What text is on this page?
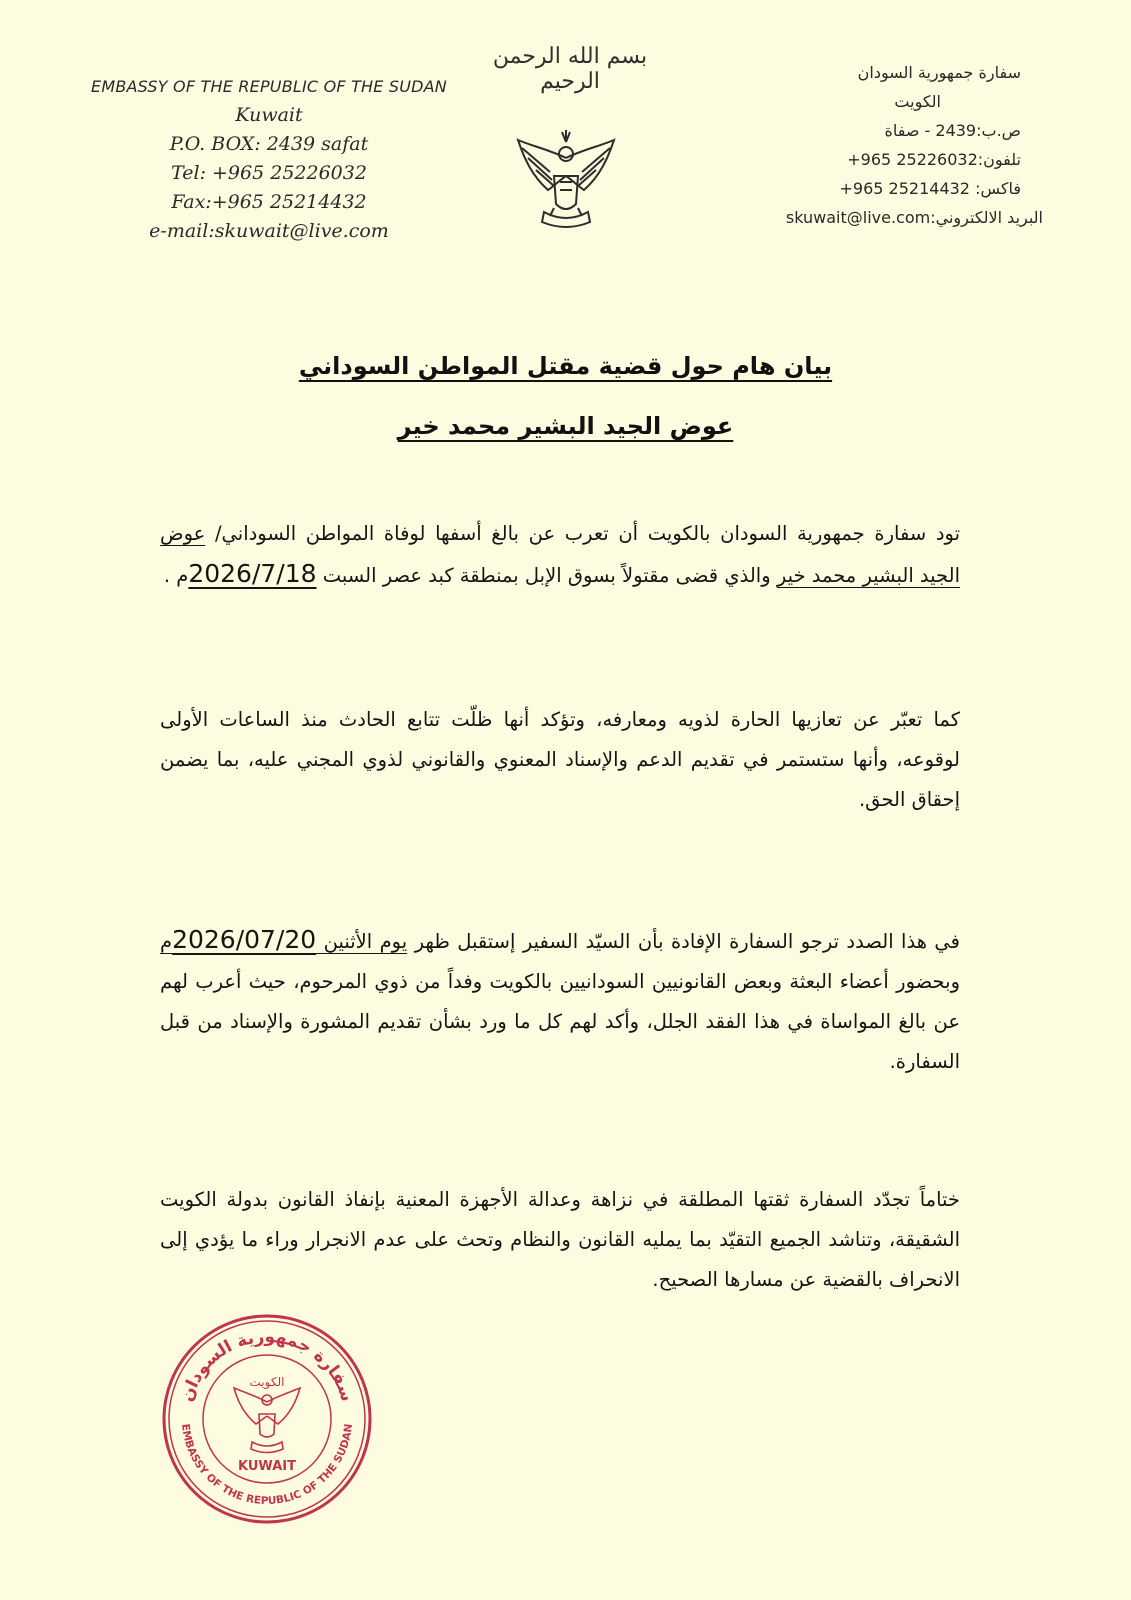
EMBASSY OF THE REPUBLIC OF THE SUDAN
Kuwait
P.O. BOX: 2439 safat
Tel: +965 25226032
Fax:+965 25214432
e-mail:skuwait@live.com
بسم الله الرحمن الرحيم	سفارة جمهورية السودان
الكويت
ص.ب:2439 - صفاة
تلفون:25226032 965+
فاكس: 25214432 965+
البريد الالكتروني:skuwait@live.com
بيان هام حول قضية مقتل المواطن السوداني
عوض الجيد البشير محمد خير
تود سفارة جمهورية السودان بالكويت أن تعرب عن بالغ أسفها لوفاة المواطن السوداني/ عوض الجيد البشير محمد خير والذي قضى مقتولاً بسوق الإبل بمنطقة كبد عصر السبت 2026/7/18م .
كما تعبّر عن تعازيها الحارة لذويه ومعارفه، وتؤكد أنها ظلّت تتابع الحادث منذ الساعات الأولى لوقوعه، وأنها ستستمر في تقديم الدعم والإسناد المعنوي والقانوني لذوي المجني عليه، بما يضمن إحقاق الحق.
في هذا الصدد ترجو السفارة الإفادة بأن السيّد السفير إستقبل ظهر يوم الأثنين 2026/07/20م وبحضور أعضاء البعثة وبعض القانونيين السودانيين بالكويت وفداً من ذوي المرحوم، حيث أعرب لهم عن بالغ المواساة في هذا الفقد الجلل، وأكد لهم كل ما ورد بشأن تقديم المشورة والإسناد من قبل السفارة.
ختاماً تجدّد السفارة ثقتها المطلقة في نزاهة وعدالة الأجهزة المعنية بإنفاذ القانون بدولة الكويت الشقيقة، وتناشد الجميع التقيّد بما يمليه القانون والنظام وتحث على عدم الانجرار وراء ما يؤدي إلى الانحراف بالقضية عن مسارها الصحيح.
سفارة جمهورية السودان
EMBASSY OF THE REPUBLIC OF THE SUDAN
الكويت
KUWAIT
